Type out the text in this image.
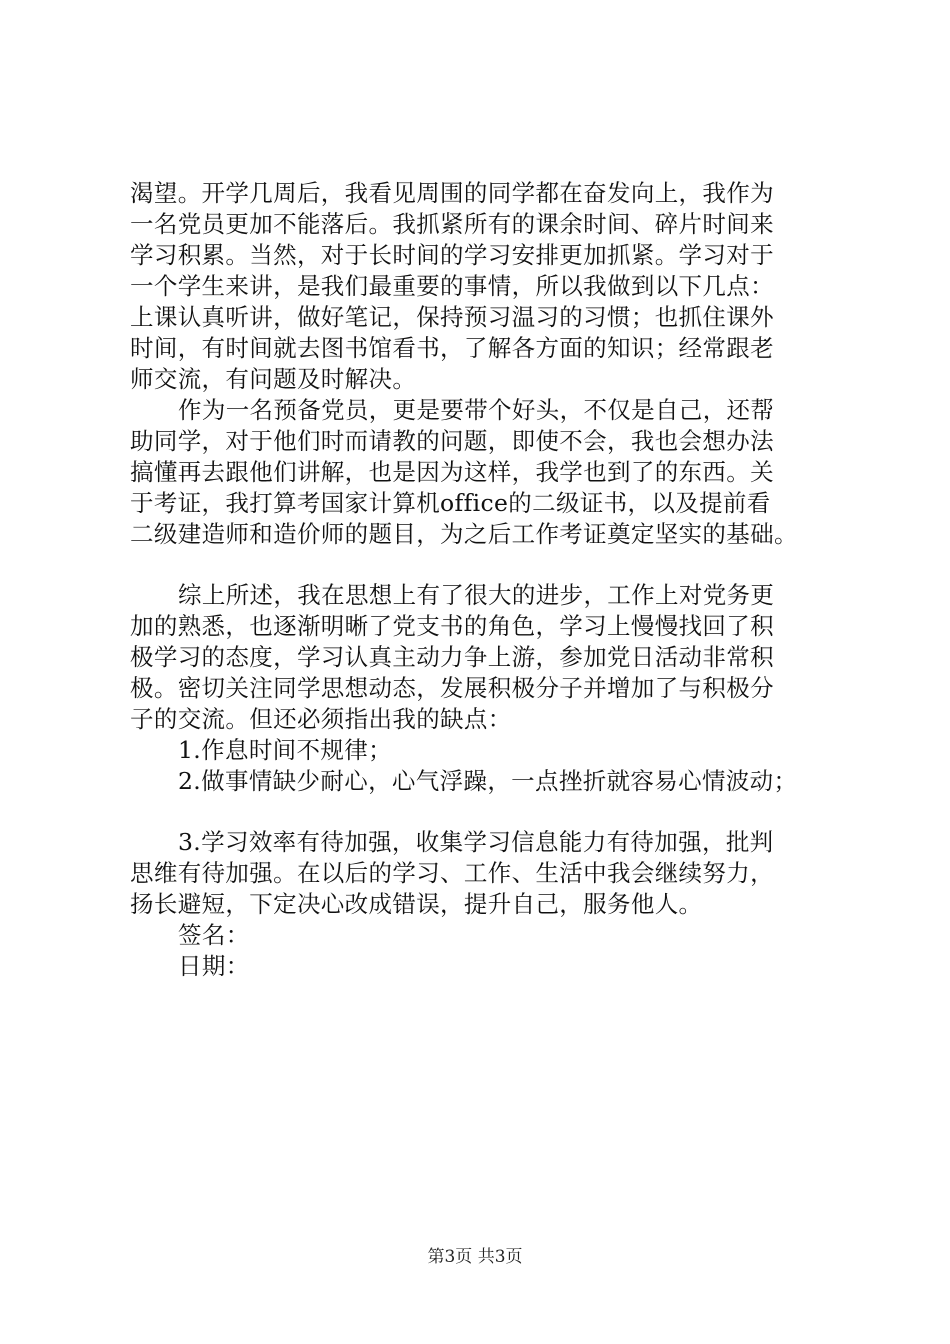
渴望。开学几周后，我看见周围的同学都在奋发向上，我作为
一名党员更加不能落后。我抓紧所有的课余时间、碎片时间来
学习积累。当然，对于长时间的学习安排更加抓紧。学习对于
一个学生来讲，是我们最重要的事情，所以我做到以下几点：
上课认真听讲，做好笔记，保持预习温习的习惯；也抓住课外
时间，有时间就去图书馆看书，了解各方面的知识；经常跟老
师交流，有问题及时解决。
作为一名预备党员，更是要带个好头，不仅是自己，还帮
助同学，对于他们时而请教的问题，即使不会，我也会想办法
搞懂再去跟他们讲解，也是因为这样，我学也到了的东西。关
于考证，我打算考国家计算机office的二级证书，以及提前看
二级建造师和造价师的题目，为之后工作考证奠定坚实的基础。
综上所述，我在思想上有了很大的进步，工作上对党务更
加的熟悉，也逐渐明晰了党支书的角色，学习上慢慢找回了积
极学习的态度，学习认真主动力争上游，参加党日活动非常积
极。密切关注同学思想动态，发展积极分子并增加了与积极分
子的交流。但还必须指出我的缺点：
1.作息时间不规律；
2.做事情缺少耐心，心气浮躁，一点挫折就容易心情波动；
3.学习效率有待加强，收集学习信息能力有待加强，批判
思维有待加强。在以后的学习、工作、生活中我会继续努力，
扬长避短，下定决心改成错误，提升自己，服务他人。
签名：
日期：
第3页 共3页
